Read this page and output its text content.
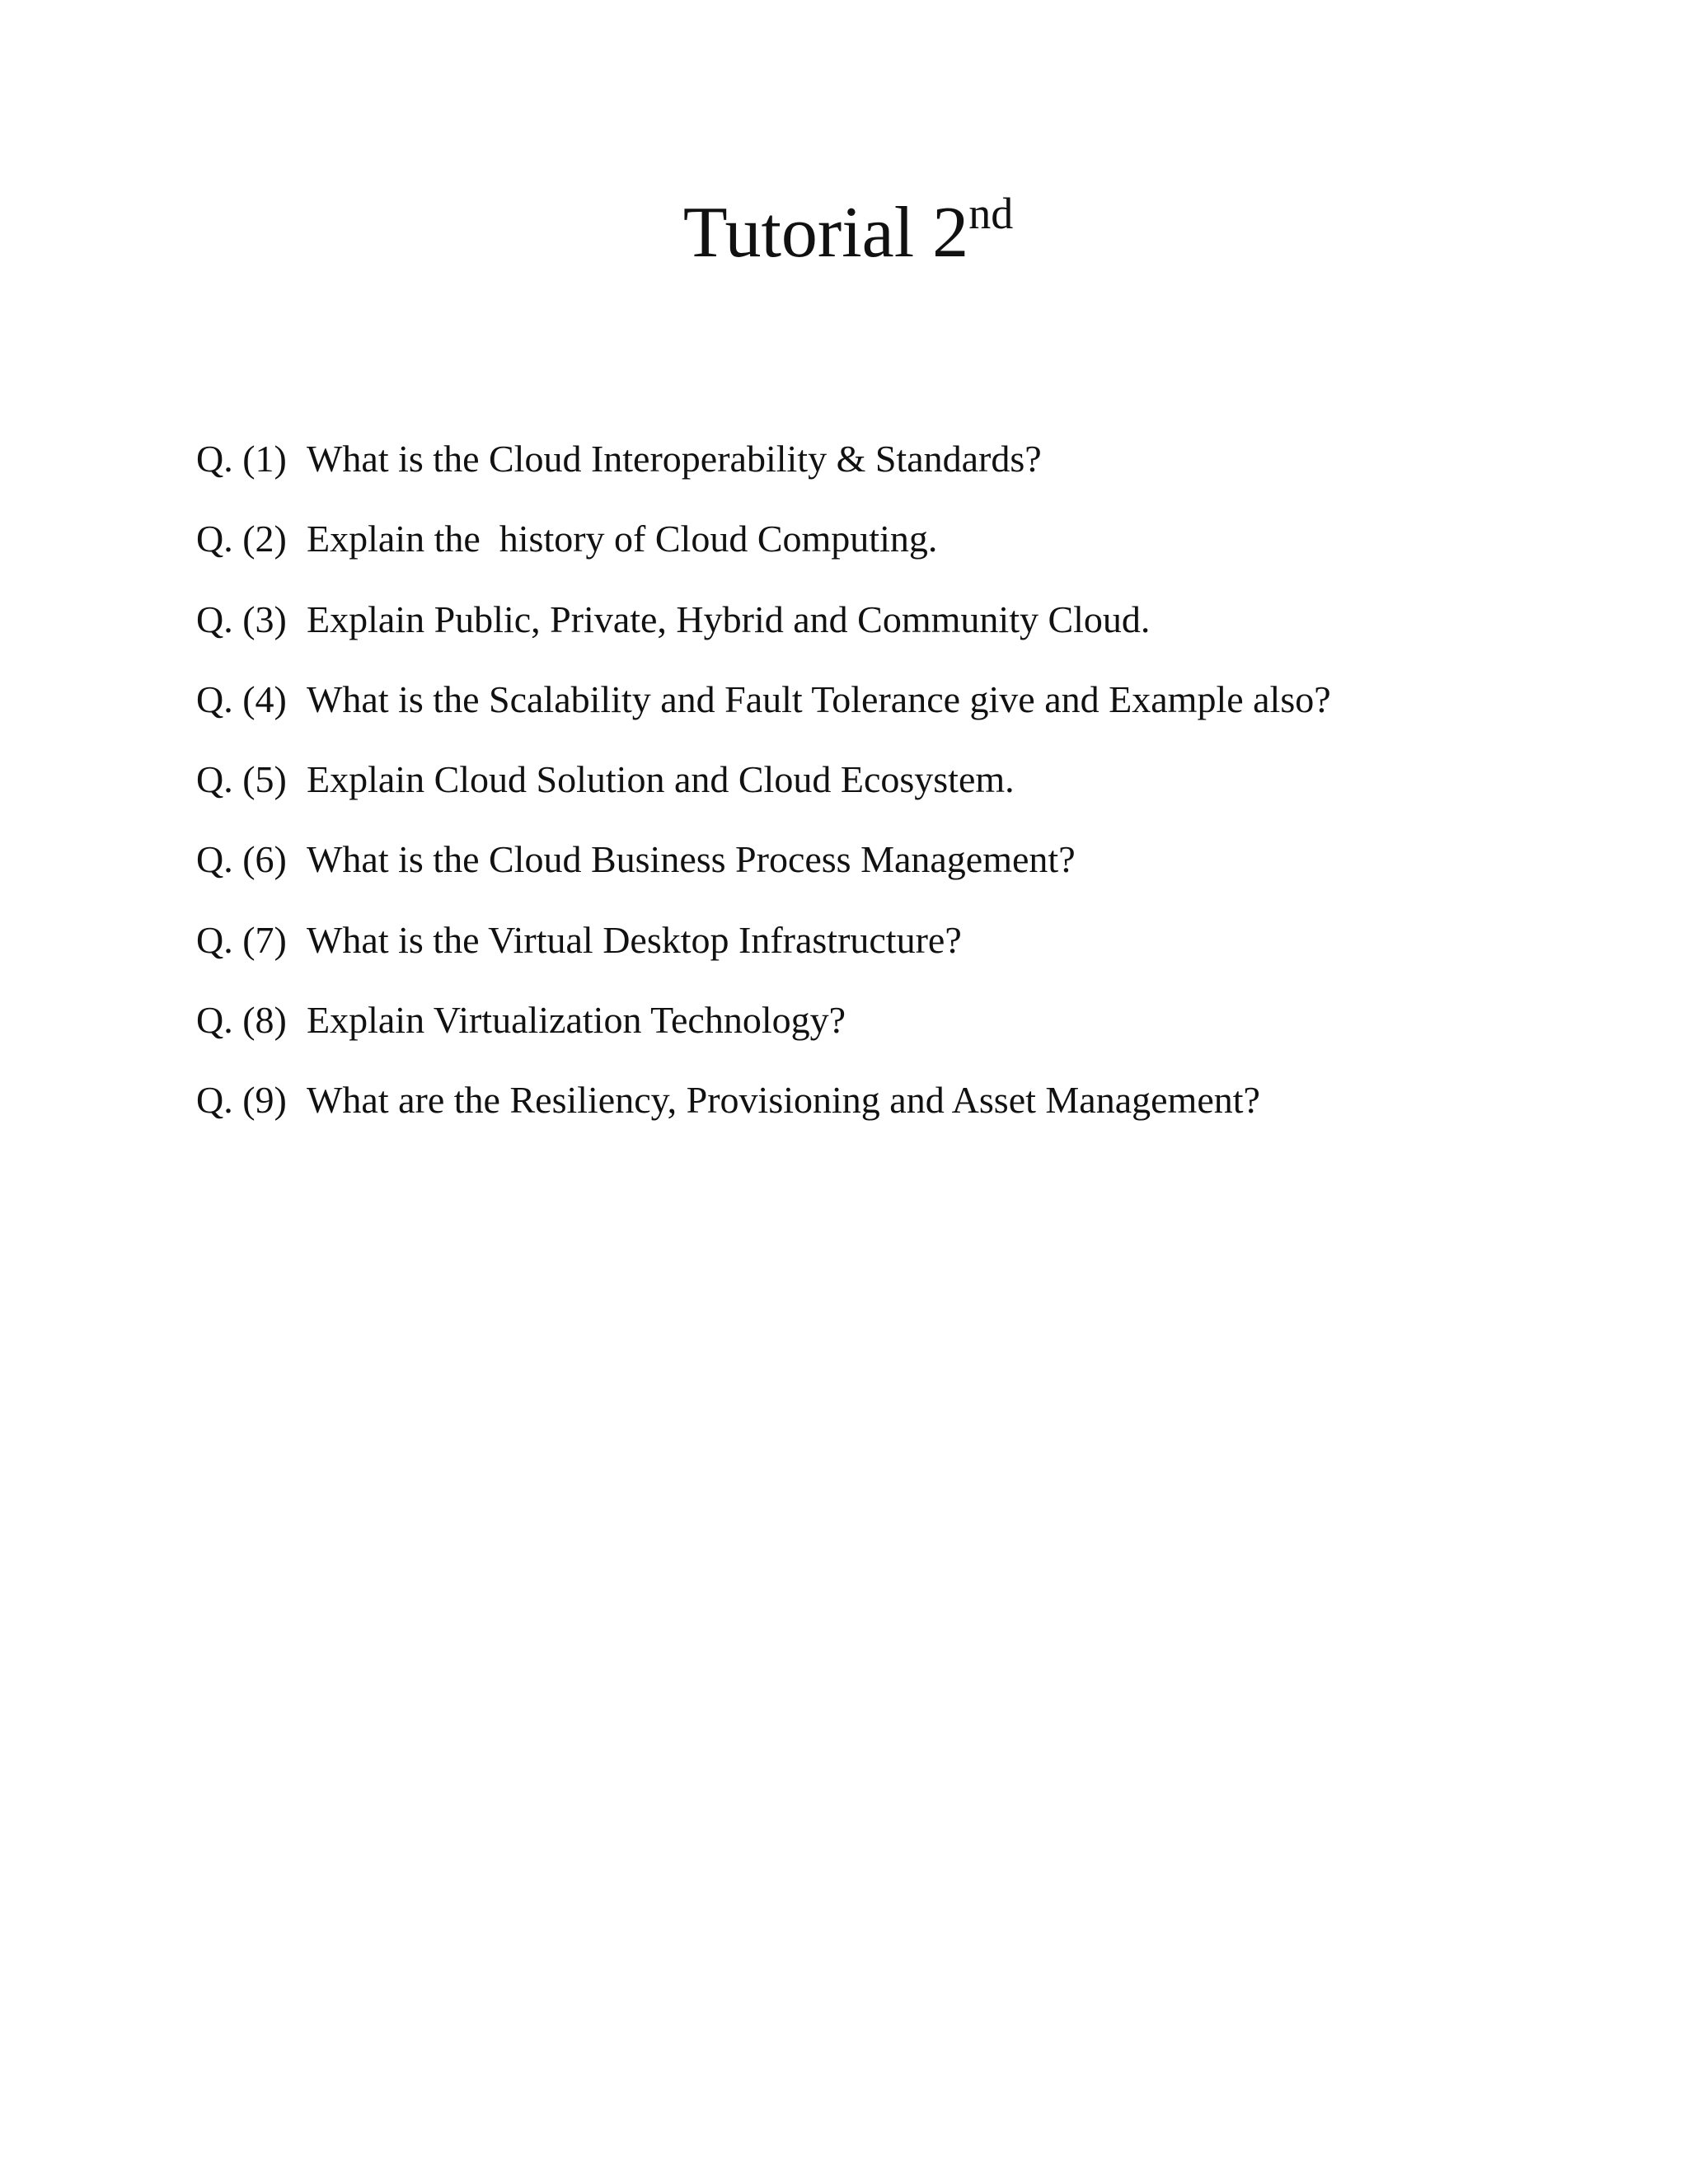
Tutorial 2nd
Q. (1) What is the Cloud Interoperability & Standards?
Q. (2) Explain the  history of Cloud Computing.
Q. (3) Explain Public, Private, Hybrid and Community Cloud.
Q. (4) What is the Scalability and Fault Tolerance give and Example also?
Q. (5) Explain Cloud Solution and Cloud Ecosystem.
Q. (6) What is the Cloud Business Process Management?
Q. (7) What is the Virtual Desktop Infrastructure?
Q. (8) Explain Virtualization Technology?
Q. (9) What are the Resiliency, Provisioning and Asset Management?
